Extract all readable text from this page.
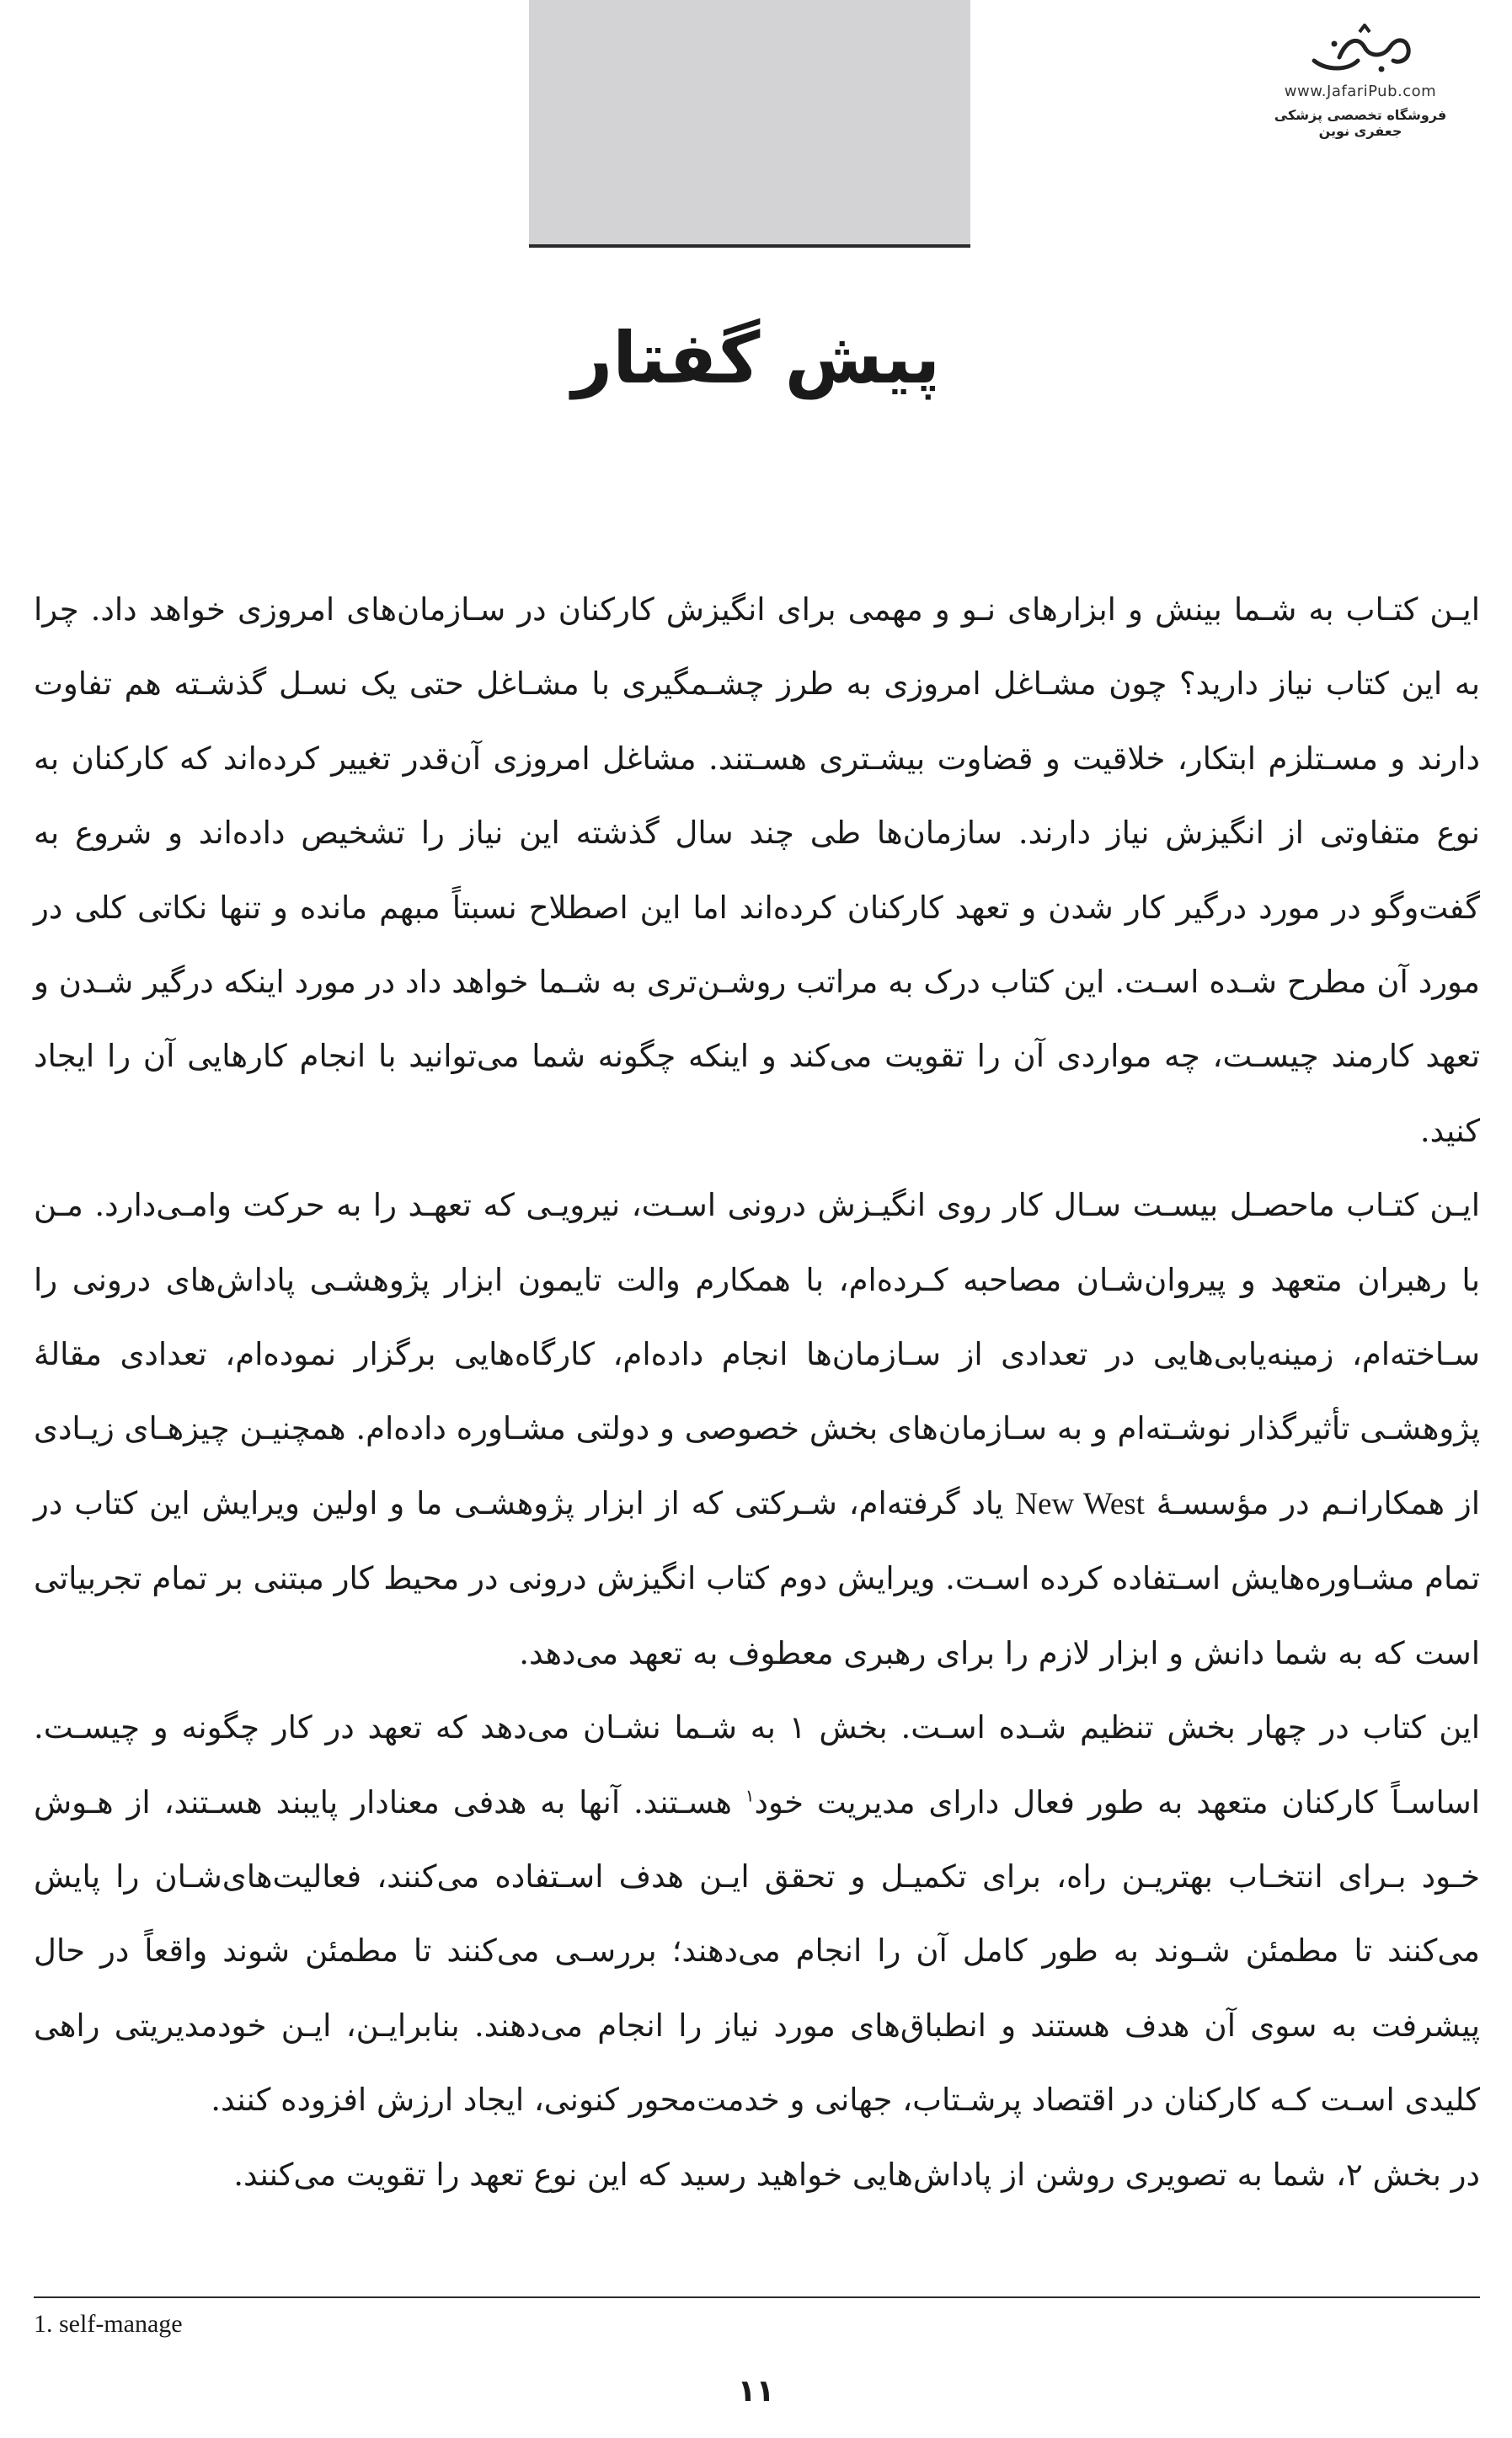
www.JafariPub.com
فروشگاه تخصصی پزشکی جعفری نوین
پیش گفتار

ایـن کتـاب به شـما بینش و ابزارهای نـو و مهمی برای انگیزش کارکنان در سـازمان‌های امروزی خواهد داد. چرا به این کتاب نیاز دارید؟ چون مشـاغل امروزی به طرز چشـمگیری با مشـاغل حتی یک نسـل گذشـته هم تفاوت دارند و مسـتلزم ابتکار، خلاقیت و قضاوت بیشـتری هسـتند. مشاغل امروزی آن‌قدر تغییر کرده‌اند که کارکنان به نوع متفاوتی از انگیزش نیاز دارند. سازمان‌ها طی چند سال گذشته این نیاز را تشخیص داده‌اند و شروع به گفت‌وگو در مورد درگیر کار شدن و تعهد کارکنان کرده‌اند اما این اصطلاح نسبتاً مبهم مانده و تنها نکاتی کلی در مورد آن مطرح شـده اسـت. این کتاب درک به مراتب روشـن‌تری به شـما خواهد داد در مورد اینکه درگیر شـدن و تعهد کارمند چیسـت، چه مواردی آن را تقویت می‌کند و اینکه چگونه شما می‌توانید با انجام کارهایی آن را ایجاد کنید.

ایـن کتـاب ماحصـل بیسـت سـال کار روی انگیـزش درونی اسـت، نیرویـی که تعهـد را به حرکت وامـی‌دارد. مـن با رهبران متعهد و پیروان‌شـان مصاحبه کـرده‌ام، با همکارم والت تایمون ابزار پژوهشـی پاداش‌های درونی را سـاخته‌ام، زمینه‌یابی‌هایی در تعدادی از سـازمان‌ها انجام داده‌ام، کارگاه‌هایی برگزار نموده‌ام، تعدادی مقالهٔ پژوهشـی تأثیرگذار نوشـته‌ام و به سـازمان‌های بخش خصوصی و دولتی مشـاوره داده‌ام. همچنیـن چیزهـای زیـادی از همکارانـم در مؤسسـهٔ New West یاد گرفته‌ام، شـرکتی که از ابزار پژوهشـی ما و اولین ویرایش این کتاب در تمام مشـاوره‌هایش اسـتفاده کرده اسـت. ویرایش دوم کتاب انگیزش درونی در محیط کار مبتنی بر تمام تجربیاتی است که به شما دانش و ابزار لازم را برای رهبری معطوف به تعهد می‌دهد.

این کتاب در چهار بخش تنظیم شـده اسـت. بخش ۱ به شـما نشـان می‌دهد که تعهد در کار چگونه و چیسـت. اساسـاً کارکنان متعهد به طور فعال دارای مدیریت خود$^۱$ هسـتند. آنها به هدفی معنادار پایبند هسـتند، از هـوش خـود بـرای انتخـاب بهتریـن راه، برای تکمیـل و تحقق ایـن هدف اسـتفاده می‌کنند، فعالیت‌های‌شـان را پایش می‌کنند تا مطمئن شـوند به طور کامل آن را انجام می‌دهند؛ بررسـی می‌کنند تا مطمئن شوند واقعاً در حال پیشرفت به سوی آن هدف هستند و انطباق‌های مورد نیاز را انجام می‌دهند. بنابرایـن، ایـن خودمدیریتی راهی کلیدی اسـت کـه کارکنان در اقتصاد پرشـتاب، جهانی و خدمت‌محور کنونی، ایجاد ارزش افزوده کنند.

در بخش ۲، شما به تصویری روشن از پاداش‌هایی خواهید رسید که این نوع تعهد را تقویت می‌کنند.

1. self-manage
۱۱
